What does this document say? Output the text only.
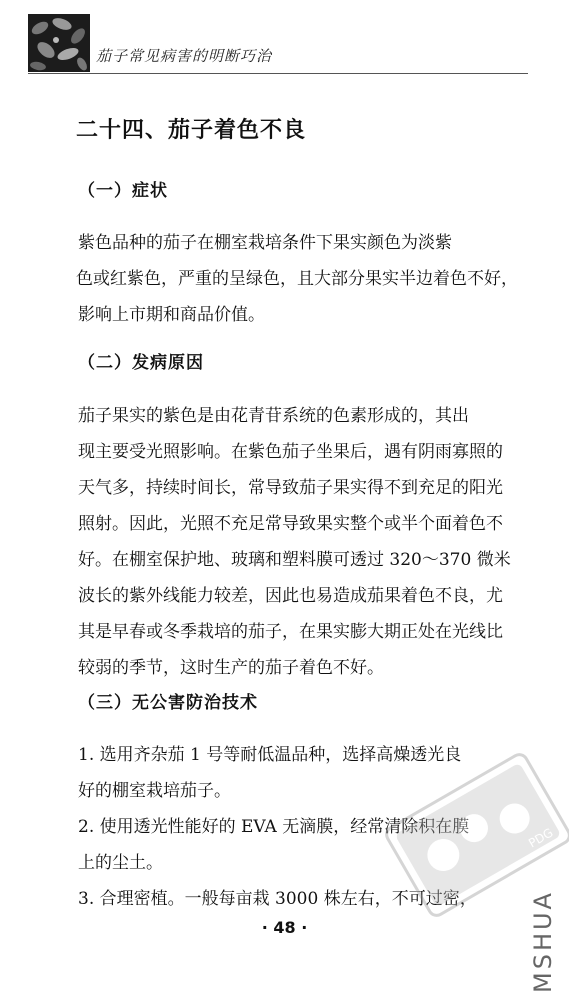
茄子常见病害的明断巧治
二十四、茄子着色不良
（一）症状
紫色品种的茄子在棚室栽培条件下果实颜色为淡紫
色或红紫色，严重的呈绿色，且大部分果实半边着色不好，
影响上市期和商品价值。
（二）发病原因
茄子果实的紫色是由花青苷系统的色素形成的，其出
现主要受光照影响。在紫色茄子坐果后，遇有阴雨寡照的
天气多，持续时间长，常导致茄子果实得不到充足的阳光
照射。因此，光照不充足常导致果实整个或半个面着色不
好。在棚室保护地、玻璃和塑料膜可透过 320～370 微米
波长的紫外线能力较差，因此也易造成茄果着色不良，尤
其是早春或冬季栽培的茄子，在果实膨大期正处在光线比
较弱的季节，这时生产的茄子着色不好。
（三）无公害防治技术
1. 选用齐杂茄 1 号等耐低温品种，选择高燥透光良
好的棚室栽培茄子。
2. 使用透光性能好的 EVA 无滴膜，经常清除积在膜
上的尘土。
3. 合理密植。一般每亩栽 3000 株左右，不可过密，
PDG
· 48 ·	MSHUA
